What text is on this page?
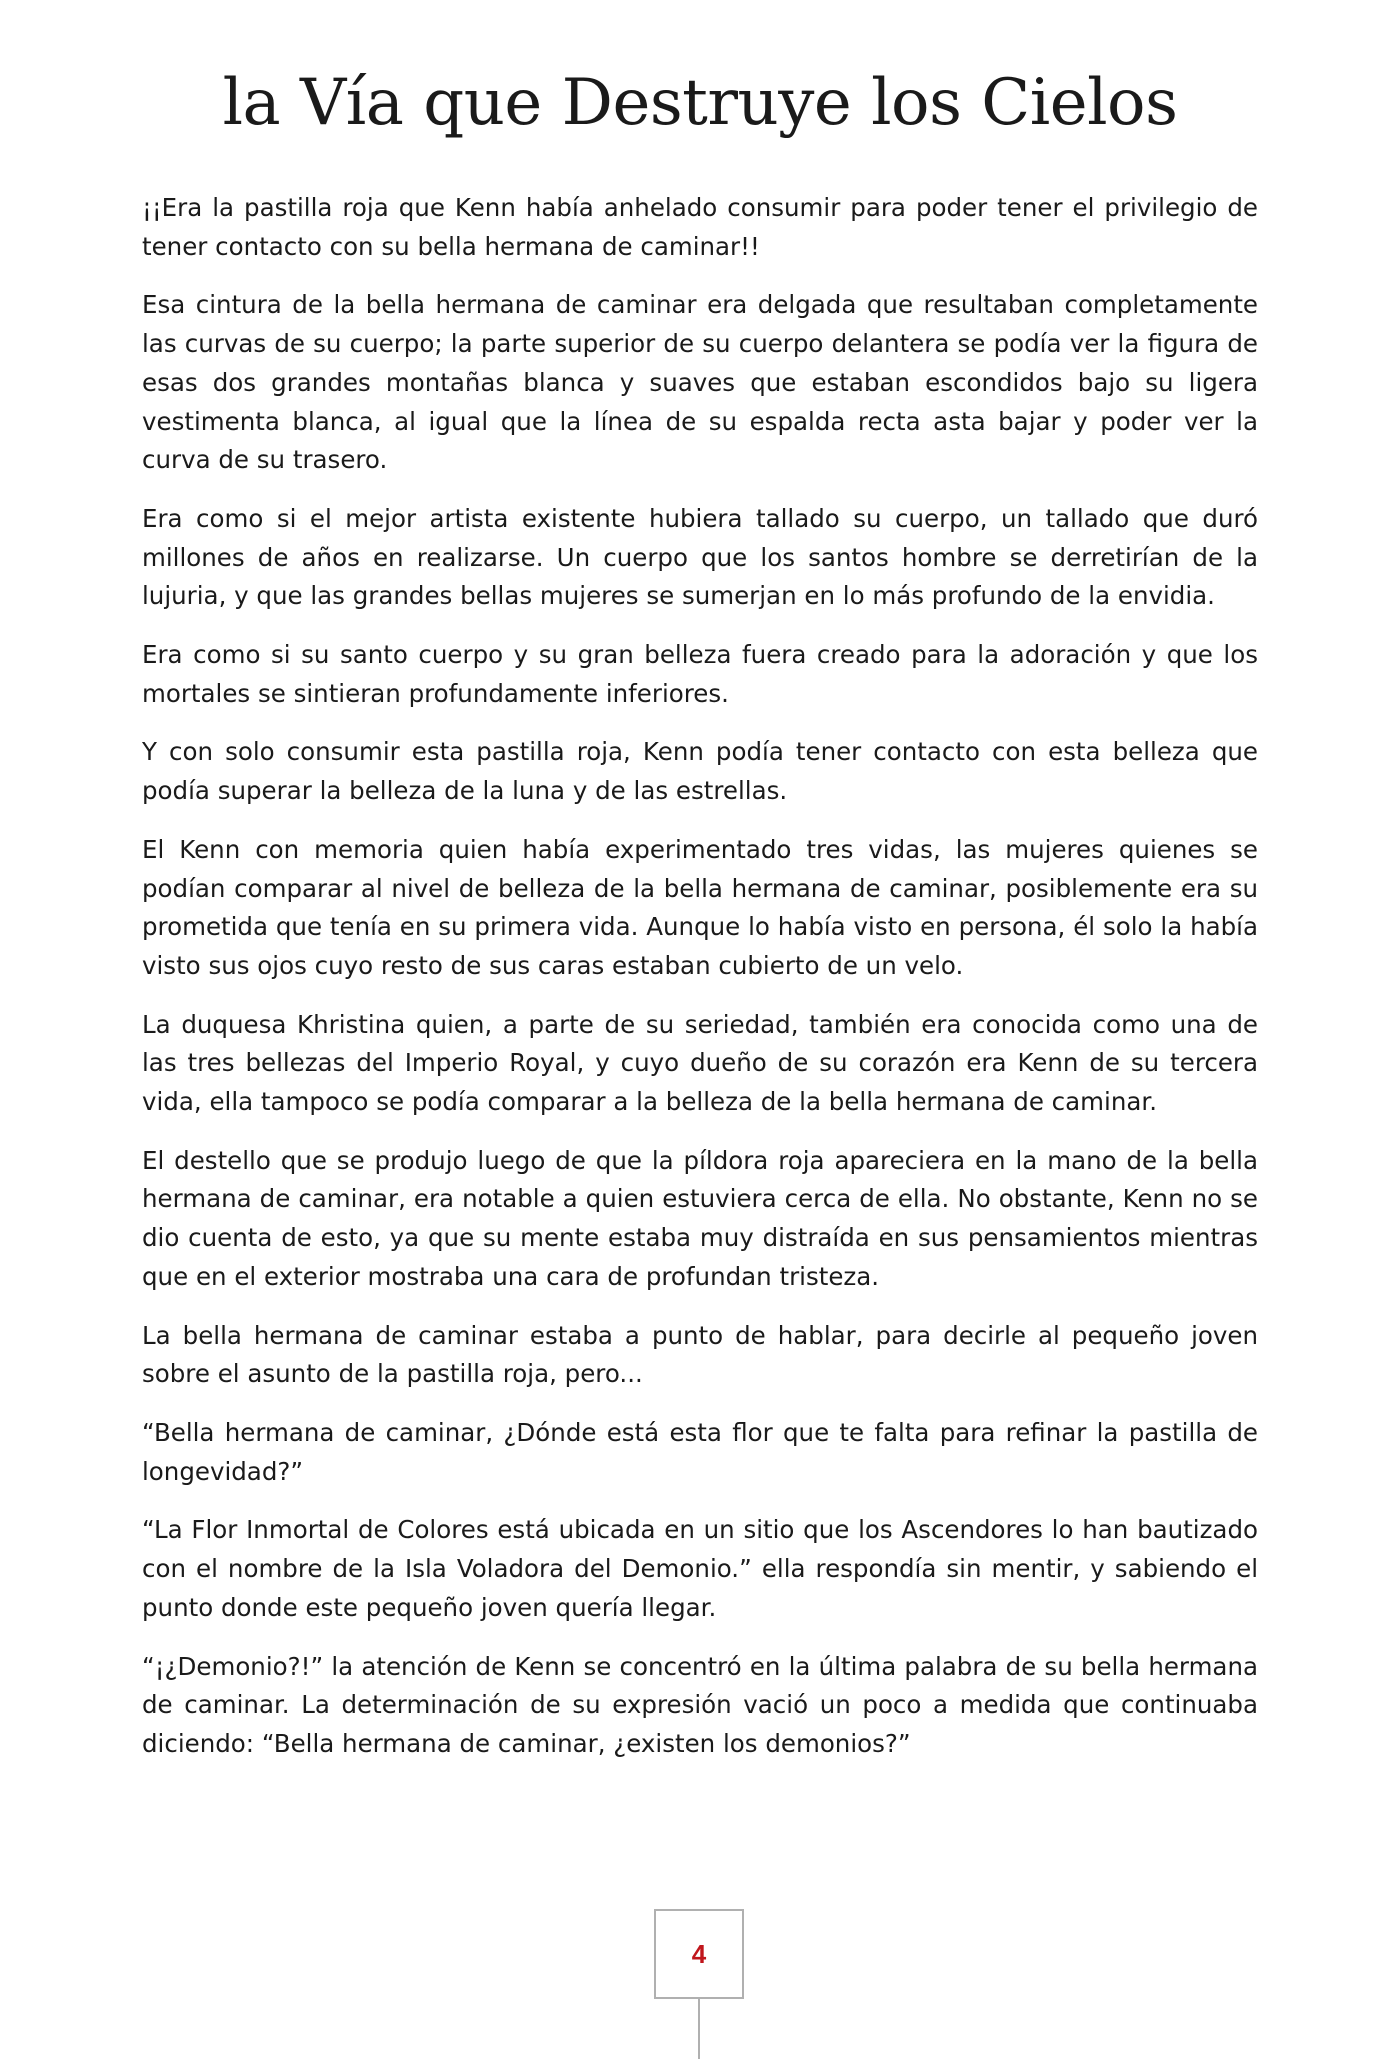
la Vía que Destruye los Cielos

¡¡Era la pastilla roja que Kenn había anhelado consumir para poder tener el privilegio de tener contacto con su bella hermana de caminar!!

Esa cintura de la bella hermana de caminar era delgada que resultaban completamente las curvas de su cuerpo; la parte superior de su cuerpo delantera se podía ver la figura de esas dos grandes montañas blanca y suaves que estaban escondidos bajo su ligera vestimenta blanca, al igual que la línea de su espalda recta asta bajar y poder ver la curva de su trasero.

Era como si el mejor artista existente hubiera tallado su cuerpo, un tallado que duró millones de años en realizarse. Un cuerpo que los santos hombre se derretirían de la lujuria, y que las grandes bellas mujeres se sumerjan en lo más profundo de la envidia.

Era como si su santo cuerpo y su gran belleza fuera creado para la adoración y que los mortales se sintieran profundamente inferiores.

Y con solo consumir esta pastilla roja, Kenn podía tener contacto con esta belleza que podía superar la belleza de la luna y de las estrellas.

El Kenn con memoria quien había experimentado tres vidas, las mujeres quienes se podían comparar al nivel de belleza de la bella hermana de caminar, posiblemente era su prometida que tenía en su primera vida. Aunque lo había visto en persona, él solo la había visto sus ojos cuyo resto de sus caras estaban cubierto de un velo.

La duquesa Khristina quien, a parte de su seriedad, también era conocida como una de las tres bellezas del Imperio Royal, y cuyo dueño de su corazón era Kenn de su tercera vida, ella tampoco se podía comparar a la belleza de la bella hermana de caminar.

El destello que se produjo luego de que la píldora roja apareciera en la mano de la bella hermana de caminar, era notable a quien estuviera cerca de ella. No obstante, Kenn no se dio cuenta de esto, ya que su mente estaba muy distraída en sus pensamientos mientras que en el exterior mostraba una cara de profundan tristeza.

La bella hermana de caminar estaba a punto de hablar, para decirle al pequeño joven sobre el asunto de la pastilla roja, pero...

“Bella hermana de caminar, ¿Dónde está esta flor que te falta para refinar la pastilla de longevidad?”

“La Flor Inmortal de Colores está ubicada en un sitio que los Ascendores lo han bautizado con el nombre de la Isla Voladora del Demonio.” ella respondía sin mentir, y sabiendo el punto donde este pequeño joven quería llegar.

“¡¿Demonio?!” la atención de Kenn se concentró en la última palabra de su bella hermana de caminar. La determinación de su expresión vació un poco a medida que continuaba diciendo: “Bella hermana de caminar, ¿existen los demonios?”

4
